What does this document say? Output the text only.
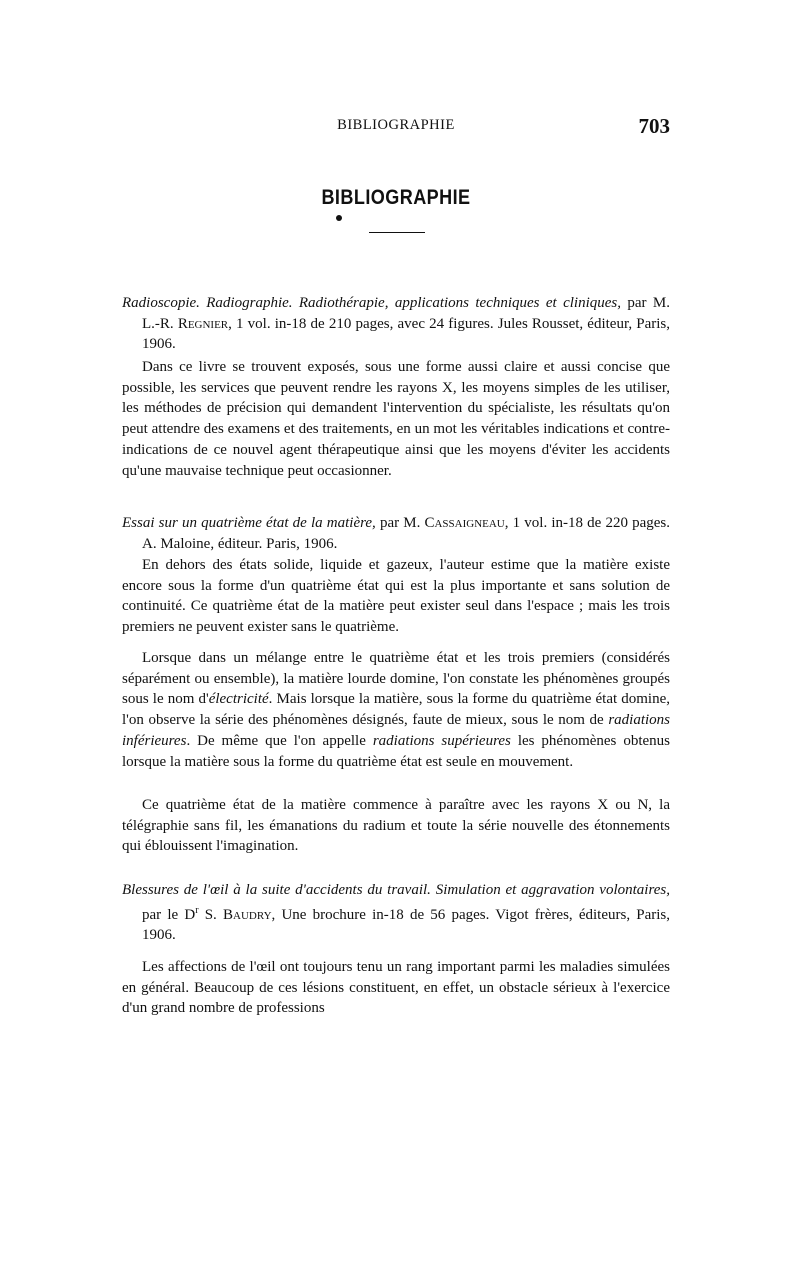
BIBLIOGRAPHIE	703
BIBLIOGRAPHIE
Radioscopie. Radiographie. Radiothérapie, applications techniques et cliniques, par M. L.-R. Regnier, 1 vol. in-18 de 210 pages, avec 24 figures. Jules Rousset, éditeur, Paris, 1906.

Dans ce livre se trouvent exposés, sous une forme aussi claire et aussi concise que possible, les services que peuvent rendre les rayons X, les moyens simples de les utiliser, les méthodes de précision qui demandent l'intervention du spécialiste, les résultats qu'on peut attendre des examens et des traitements, en un mot les véritables indications et contre-indications de ce nouvel agent thérapeutique ainsi que les moyens d'éviter les accidents qu'une mauvaise technique peut occasionner.

Essai sur un quatrième état de la matière, par M. Cassaigneau, 1 vol. in-18 de 220 pages. A. Maloine, éditeur. Paris, 1906.

En dehors des états solide, liquide et gazeux, l'auteur estime que la matière existe encore sous la forme d'un quatrième état qui est la plus importante et sans solution de continuité. Ce quatrième état de la matière peut exister seul dans l'espace ; mais les trois premiers ne peuvent exister sans le quatrième.

Lorsque dans un mélange entre le quatrième état et les trois premiers (considérés séparément ou ensemble), la matière lourde domine, l'on constate les phénomènes groupés sous le nom d'électricité. Mais lorsque la matière, sous la forme du quatrième état domine, l'on observe la série des phénomènes désignés, faute de mieux, sous le nom de radiations inférieures. De même que l'on appelle radiations supérieures les phénomènes obtenus lorsque la matière sous la forme du quatrième état est seule en mouvement.

Ce quatrième état de la matière commence à paraître avec les rayons X ou N, la télégraphie sans fil, les émanations du radium et toute la série nouvelle des étonnements qui éblouissent l'imagination.

Blessures de l'œil à la suite d'accidents du travail. Simulation et aggravation volontaires, par le $D^r$ S. Baudry, Une brochure in-18 de 56 pages. Vigot frères, éditeurs, Paris, 1906.

Les affections de l'œil ont toujours tenu un rang important parmi les maladies simulées en général. Beaucoup de ces lésions constituent, en effet, un obstacle sérieux à l'exercice d'un grand nombre de professions
